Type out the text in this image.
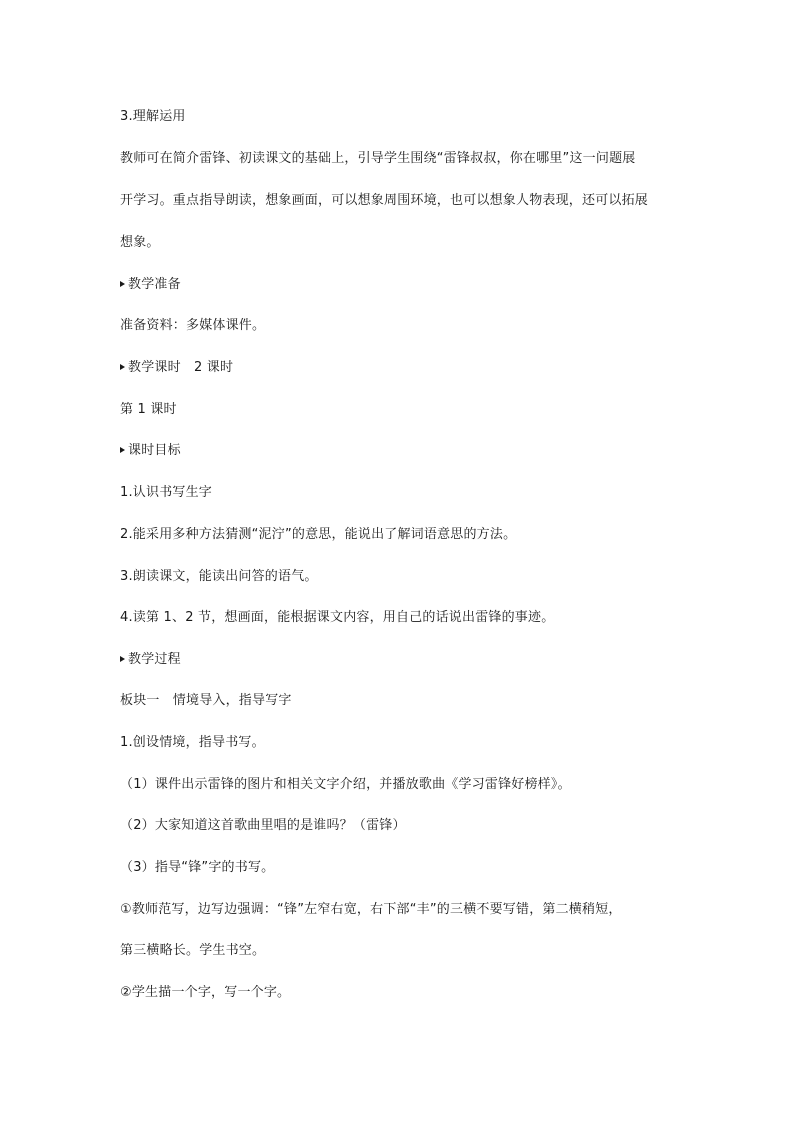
3.理解运用
教师可在简介雷锋、初读课文的基础上，引导学生围绕“雷锋叔叔，你在哪里”这一问题展
开学习。重点指导朗读，想象画面，可以想象周围环境，也可以想象人物表现，还可以拓展
想象。
教学准备
准备资料：多媒体课件。
教学课时　2 课时
第 1 课时
课时目标
1.认识书写生字
2.能采用多种方法猜测“泥泞”的意思，能说出了解词语意思的方法。
3.朗读课文，能读出问答的语气。
4.读第 1、2 节，想画面，能根据课文内容，用自己的话说出雷锋的事迹。
教学过程
板块一　情境导入，指导写字
1.创设情境，指导书写。
（1）课件出示雷锋的图片和相关文字介绍，并播放歌曲《学习雷锋好榜样》。
（2）大家知道这首歌曲里唱的是谁吗？（雷锋）
（3）指导“锋”字的书写。
①教师范写，边写边强调：“锋”左窄右宽，右下部“丰”的三横不要写错，第二横稍短，
第三横略长。学生书空。
②学生描一个字，写一个字。
